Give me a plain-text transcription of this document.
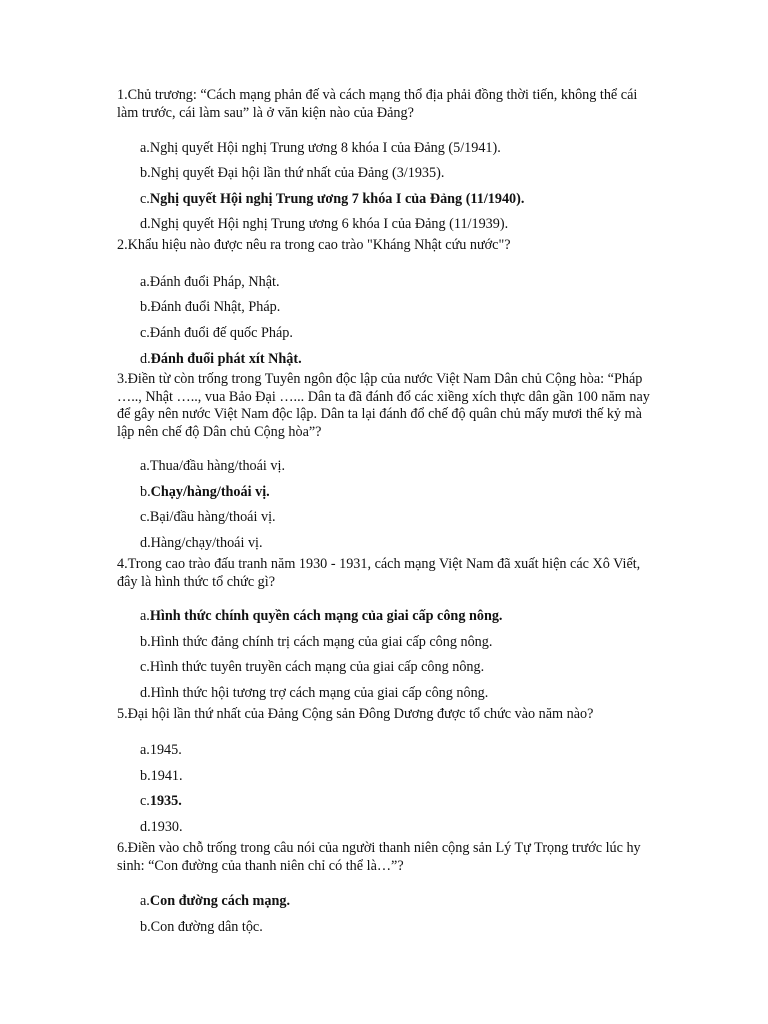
1.Chủ trương: “Cách mạng phản đế và cách mạng thổ địa phải đồng thời tiến, không thể cái làm trước, cái làm sau” là ở văn kiện nào của Đảng?
a.Nghị quyết Hội nghị Trung ương 8 khóa I của Đảng (5/1941).
b.Nghị quyết Đại hội lần thứ nhất của Đảng (3/1935).
c.Nghị quyết Hội nghị Trung ương 7 khóa I của Đảng (11/1940).
d.Nghị quyết Hội nghị Trung ương 6 khóa I của Đảng (11/1939).
2.Khẩu hiệu nào được nêu ra trong cao trào "Kháng Nhật cứu nước"?
a.Đánh đuổi Pháp, Nhật.
b.Đánh đuổi Nhật, Pháp.
c.Đánh đuổi đế quốc Pháp.
d.Đánh đuổi phát xít Nhật.
3.Điền từ còn trống trong Tuyên ngôn độc lập của nước Việt Nam Dân chủ Cộng hòa: “Pháp ….., Nhật ….., vua Bảo Đại …... Dân ta đã đánh đổ các xiềng xích thực dân gần 100 năm nay để gây nên nước Việt Nam độc lập. Dân ta lại đánh đổ chế độ quân chủ mấy mươi thế kỷ mà lập nên chế độ Dân chủ Cộng hòa”?
a.Thua/đầu hàng/thoái vị.
b.Chạy/hàng/thoái vị.
c.Bại/đầu hàng/thoái vị.
d.Hàng/chạy/thoái vị.
4.Trong cao trào đấu tranh năm 1930 - 1931, cách mạng Việt Nam đã xuất hiện các Xô Viết, đây là hình thức tổ chức gì?
a.Hình thức chính quyền cách mạng của giai cấp công nông.
b.Hình thức đảng chính trị cách mạng của giai cấp công nông.
c.Hình thức tuyên truyền cách mạng của giai cấp công nông.
d.Hình thức hội tương trợ cách mạng của giai cấp công nông.
5.Đại hội lần thứ nhất của Đảng Cộng sản Đông Dương được tổ chức vào năm nào?
a.1945.
b.1941.
c.1935.
d.1930.
6.Điền vào chỗ trống trong câu nói của người thanh niên cộng sản Lý Tự Trọng trước lúc hy sinh: “Con đường của thanh niên chỉ có thể là…”?
a.Con đường cách mạng.
b.Con đường dân tộc.
